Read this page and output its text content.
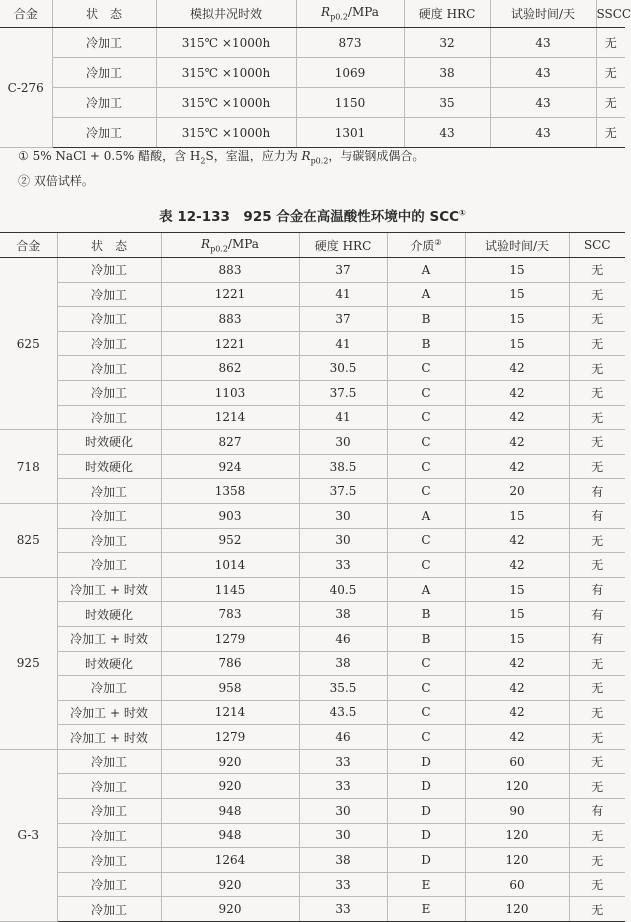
合金	状　态	模拟井况时效	$R_{p0.2}$/MPa	硬度 HRC	试验时间/天	SSCC
C-276	冷加工	315℃ ×1000h	873	32	43	无
	冷加工	315℃ ×1000h	1069	38	43	无
	冷加工	315℃ ×1000h	1150	35	43	无
	冷加工	315℃ ×1000h	1301	43	43	无
① 5% NaCl + 0.5% 醋酸，含 $H_2S$，室温，应力为 $R_{p0.2}$，与碳钢成偶合。
② 双倍试样。
表 12-133　925 合金在高温酸性环境中的 SCC①
合金	状　态	$R_{p0.2}$/MPa	硬度 HRC	介质②	试验时间/天	SCC
625	冷加工	883	37	A	15	无
	冷加工	1221	41	A	15	无
	冷加工	883	37	B	15	无
	冷加工	1221	41	B	15	无
	冷加工	862	30.5	C	42	无
	冷加工	1103	37.5	C	42	无
	冷加工	1214	41	C	42	无
718	时效硬化	827	30	C	42	无
	时效硬化	924	38.5	C	42	无
	冷加工	1358	37.5	C	20	有
825	冷加工	903	30	A	15	有
	冷加工	952	30	C	42	无
	冷加工	1014	33	C	42	无
925	冷加工 + 时效	1145	40.5	A	15	有
	时效硬化	783	38	B	15	有
	冷加工 + 时效	1279	46	B	15	有
	时效硬化	786	38	C	42	无
	冷加工	958	35.5	C	42	无
	冷加工 + 时效	1214	43.5	C	42	无
	冷加工 + 时效	1279	46	C	42	无
G-3	冷加工	920	33	D	60	无
	冷加工	920	33	D	120	无
	冷加工	948	30	D	90	有
	冷加工	948	30	D	120	无
	冷加工	1264	38	D	120	无
	冷加工	920	33	E	60	无
	冷加工	920	33	E	120	无
